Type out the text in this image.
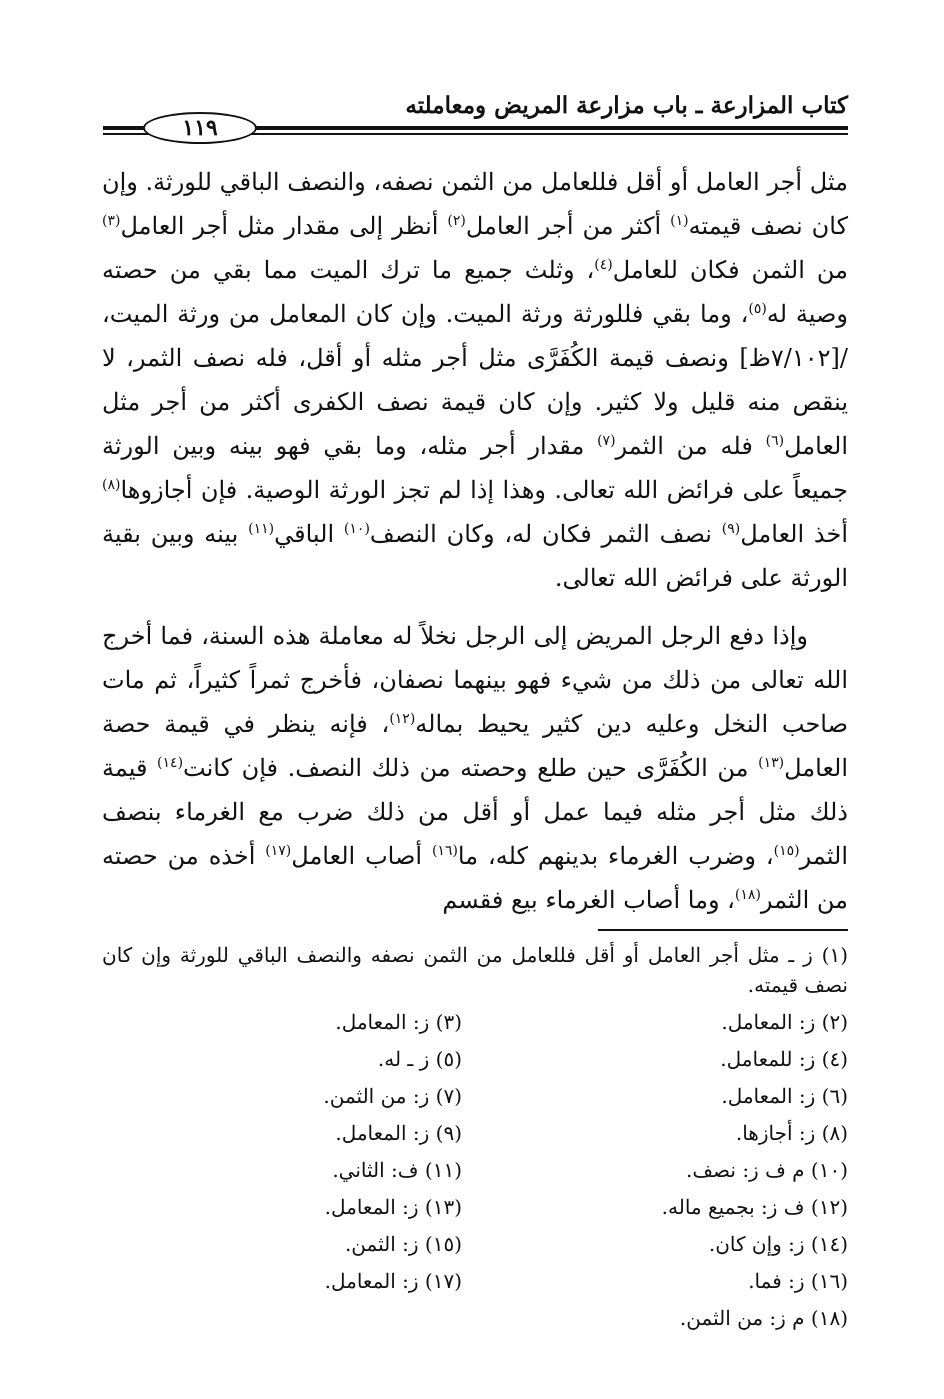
كتاب المزارعة ـ باب مزارعة المريض ومعاملته
١١٩

مثل أجر العامل أو أقل فللعامل من الثمن نصفه، والنصف الباقي للورثة. وإن كان نصف قيمته$^{(١)}$ أكثر من أجر العامل$^{(٢)}$ أنظر إلى مقدار مثل أجر العامل$^{(٣)}$ من الثمن فكان للعامل$^{(٤)}$، وثلث جميع ما ترك الميت مما بقي من حصته وصية له$^{(٥)}$، وما بقي فللورثة ورثة الميت. وإن كان المعامل من ورثة الميت، /[٧/١٠٢ظ] ونصف قيمة الكُفَرَّى مثل أجر مثله أو أقل، فله نصف الثمر، لا ينقص منه قليل ولا كثير. وإن كان قيمة نصف الكفرى أكثر من أجر مثل العامل$^{(٦)}$ فله من الثمر$^{(٧)}$ مقدار أجر مثله، وما بقي فهو بينه وبين الورثة جميعاً على فرائض الله تعالى. وهذا إذا لم تجز الورثة الوصية. فإن أجازوها$^{(٨)}$ أخذ العامل$^{(٩)}$ نصف الثمر فكان له، وكان النصف$^{(١٠)}$ الباقي$^{(١١)}$ بينه وبين بقية الورثة على فرائض الله تعالى.

وإذا دفع الرجل المريض إلى الرجل نخلاً له معاملة هذه السنة، فما أخرج الله تعالى من ذلك من شيء فهو بينهما نصفان، فأخرج ثمراً كثيراً، ثم مات صاحب النخل وعليه دين كثير يحيط بماله$^{(١٢)}$، فإنه ينظر في قيمة حصة العامل$^{(١٣)}$ من الكُفَرَّى حين طلع وحصته من ذلك النصف. فإن كانت$^{(١٤)}$ قيمة ذلك مثل أجر مثله فيما عمل أو أقل من ذلك ضرب مع الغرماء بنصف الثمر$^{(١٥)}$، وضرب الغرماء بدينهم كله، ما$^{(١٦)}$ أصاب العامل$^{(١٧)}$ أخذه من حصته من الثمر$^{(١٨)}$، وما أصاب الغرماء بيع فقسم

(١) ز ـ مثل أجر العامل أو أقل فللعامل من الثمن نصفه والنصف الباقي للورثة وإن كان نصف قيمته.
(٢) ز: المعامل.
(٣) ز: المعامل.
(٤) ز: للمعامل.
(٥) ز ـ له.
(٦) ز: المعامل.
(٧) ز: من الثمن.
(٨) ز: أجازها.
(٩) ز: المعامل.
(١٠) م ف ز: نصف.
(١١) ف: الثاني.
(١٢) ف ز: بجميع ماله.
(١٣) ز: المعامل.
(١٤) ز: وإن كان.
(١٥) ز: الثمن.
(١٦) ز: فما.
(١٧) ز: المعامل.
(١٨) م ز: من الثمن.
